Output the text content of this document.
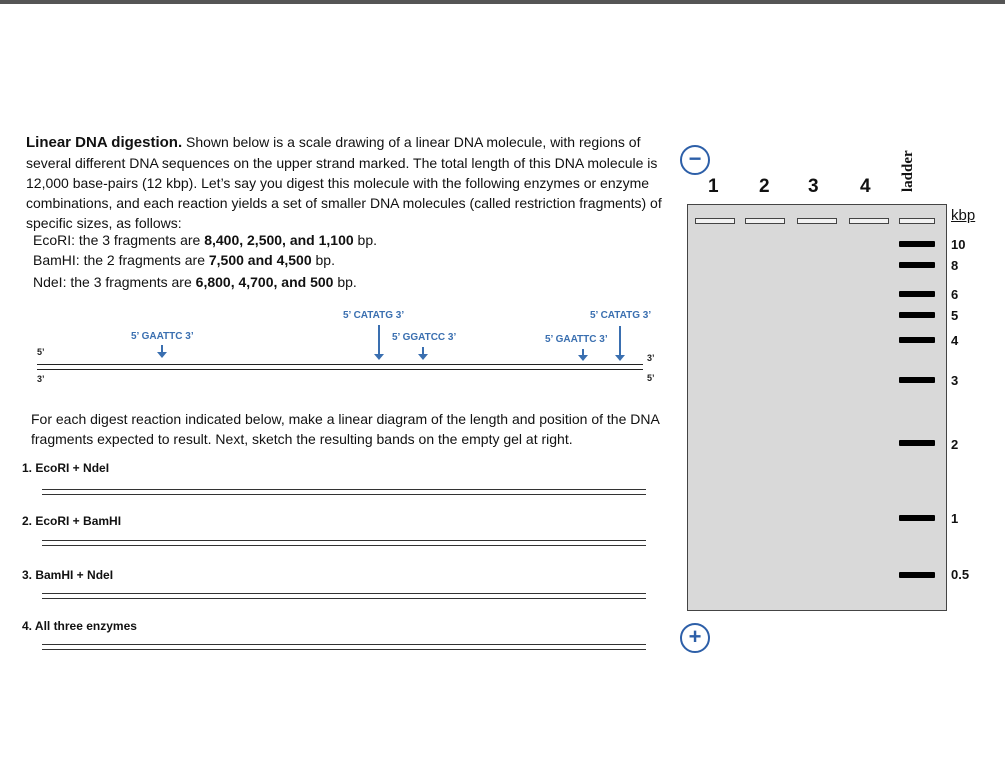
Linear DNA digestion. Shown below is a scale drawing of a linear DNA molecule, with regions of several different DNA sequences on the upper strand marked. The total length of this DNA molecule is 12,000 base-pairs (12 kbp). Let’s say you digest this molecule with the following enzymes or enzyme combinations, and each reaction yields a set of smaller DNA molecules (called restriction fragments) of specific sizes, as follows:
EcoRI: the 3 fragments are 8,400, 2,500, and 1,100 bp.
BamHI: the 2 fragments are 7,500 and 4,500 bp.
NdeI: the 3 fragments are 6,800, 4,700, and 500 bp.
5’
3’
3’
5’
5’ GAATTC 3’
5’ CATATG 3’
5’ GGATCC 3’	5’ GAATTC 3’
5’ CATATG 3’
For each digest reaction indicated below, make a linear diagram of the length and position of the DNA fragments expected to result. Next, sketch the resulting bands on the empty gel at right.
1. EcoRI + NdeI
2. EcoRI + BamHI
3. BamHI + NdeI
4. All three enzymes
−
+
1 2 3 4 ladder
kbp
10
8
6
5
4
3
2
1
0.5
